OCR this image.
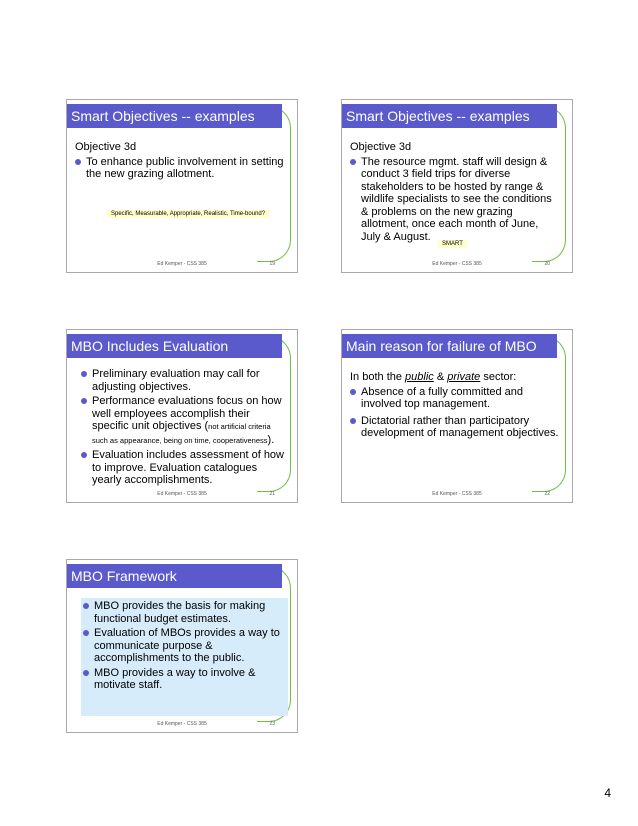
Smart Objectives -- examples

Objective 3d

To enhance public involvement in setting the new grazing allotment.
Specific, Measurable, Appropriate, Realistic, Time-bound?
Ed Kemper - CSS 385	19
Smart Objectives -- examples

Objective 3d

The resource mgmt. staff will design & conduct 3 field trips for diverse stakeholders to be hosted by range & wildlife specialists to see the conditions & problems on the new grazing allotment, once each month of June, July & August.
SMART
Ed Kemper - CSS 385	20
MBO Includes Evaluation
Preliminary evaluation may call for adjusting objectives.
Performance evaluations focus on how well employees accomplish their specific unit objectives (not artificial criteria such as appearance, being on time, cooperativeness).
Evaluation includes assessment of how to improve. Evaluation catalogues yearly accomplishments.
Ed Kemper - CSS 385	21
Main reason for failure of MBO

In both the public & private sector:

Absence of a fully committed and involved top management.
Dictatorial rather than participatory development of management objectives.
Ed Kemper - CSS 385	22
MBO Framework
MBO provides the basis for making functional budget estimates.
Evaluation of MBOs provides a way to communicate purpose & accomplishments to the public.
MBO provides a way to involve & motivate staff.
Ed Kemper - CSS 385	23
4
